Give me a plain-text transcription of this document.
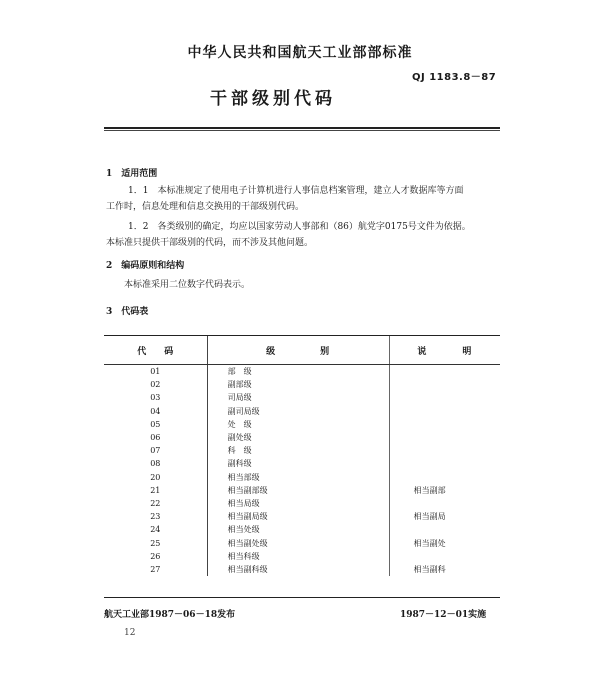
中华人民共和国航天工业部部标准
QJ 1183.8－87
干部级别代码
1　适用范围
1．1　本标准规定了使用电子计算机进行人事信息档案管理，建立人才数据库等方面
工作时，信息处理和信息交换用的干部级别代码。
1．2　各类级别的确定，均应以国家劳动人事部和（86）航党字0175号文件为依据。
本标准只提供干部级别的代码，而不涉及其他问题。
2　编码原则和结构
本标准采用二位数字代码表示。
3　代码表
代　　码	级　　　　　别	说　　　　明
01	部　级	
02	副部级	
03	司局级	
04	副司局级	
05	处　级	
06	副处级	
07	科　级	
08	副科级	
20	相当部级	
21	相当副部级	相当副部
22	相当局级	
23	相当副局级	相当副局
24	相当处级	
25	相当副处级	相当副处
26	相当科级	
27	相当副科级	相当副科
航天工业部1987－06－18发布	1987－12－01实施
12
